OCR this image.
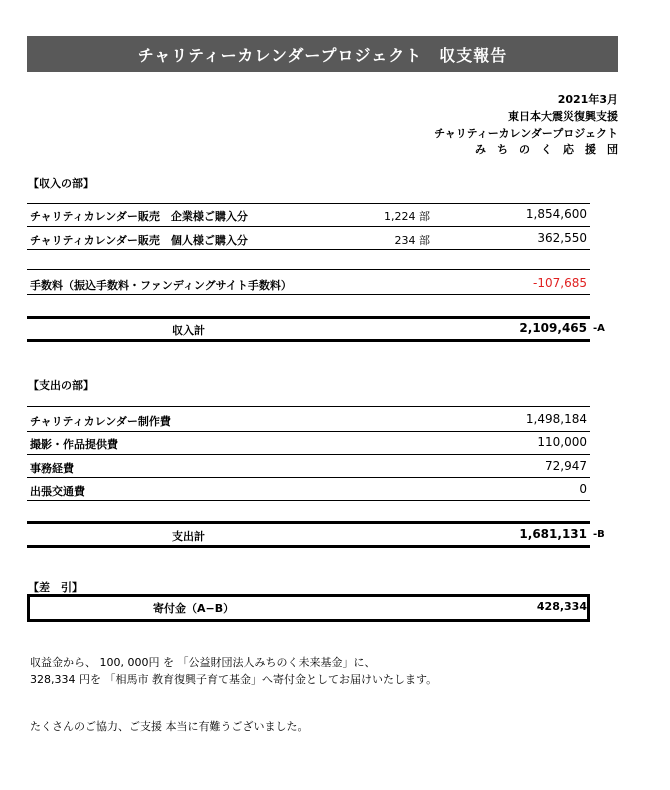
チャリティーカレンダープロジェクト　収支報告
2021年3月
東日本大震災復興支援
チャリティーカレンダープロジェクト
み　ち　の　く　応　援　団
【収入の部】
チャリティカレンダー販売　企業様ご購入分	1,224 部	1,854,600
チャリティカレンダー販売　個人様ご購入分	234 部	362,550
手数料（振込手数料・ファンディングサイト手数料）	-107,685
収入計	2,109,465 -A
【支出の部】
チャリティカレンダー制作費	1,498,184
撮影・作品提供費	110,000
事務経費	72,947
出張交通費	0
支出計	1,681,131 -B
【差　引】
寄付金（A−B）	428,334
収益金から、 100, 000円 を 「公益財団法人みちのく未来基金」に、
328,334 円を 「相馬市 教育復興子育て基金」へ寄付金としてお届けいたします。
たくさんのご協力、ご支援 本当に有難うございました。
